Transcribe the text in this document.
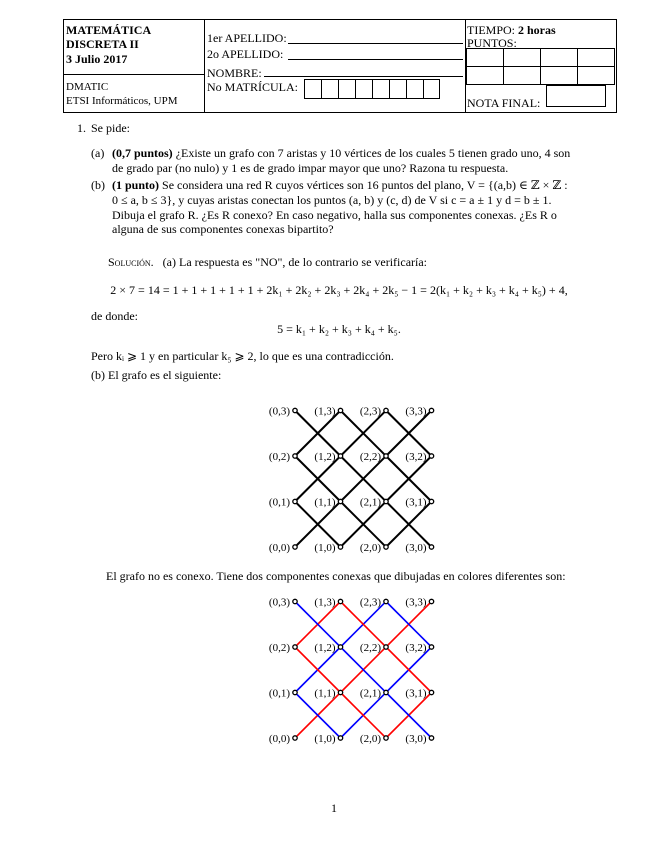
MATEMÁTICA
DISCRETA II
3 Julio 2017
DMATIC
ETSI Informáticos, UPM
1er APELLIDO:
2o APELLIDO:
NOMBRE:
No MATRÍCULA:
TIEMPO: 2 horas
PUNTOS:
NOTA FINAL:
1. Se pide:
(a) (0,7 puntos) ¿Existe un grafo con 7 aristas y 10 vértices de los cuales 5 tienen grado uno, 4 son
de grado par (no nulo) y 1 es de grado impar mayor que uno? Razona tu respuesta.
(b) (1 punto) Se considera una red R cuyos vértices son 16 puntos del plano, V = {(a,b) ∈ ℤ × ℤ :
0 ≤ a, b ≤ 3}, y cuyas aristas conectan los puntos (a, b) y (c, d) de V si c = a ± 1 y d = b ± 1.
Dibuja el grafo R. ¿Es R conexo? En caso negativo, halla sus componentes conexas. ¿Es R o
alguna de sus componentes conexas bipartito?
Solución. (a) La respuesta es "NO", de lo contrario se verificaría:
2 × 7 = 14 = 1 + 1 + 1 + 1 + 1 + 2k₁ + 2k₂ + 2k₃ + 2k₄ + 2k₅ − 1 = 2(k₁ + k₂ + k₃ + k₄ + k₅) + 4,
de donde:
5 = k₁ + k₂ + k₃ + k₄ + k₅.
Pero kᵢ ⩾ 1 y en particular k₅ ⩾ 2, lo que es una contradicción.
(b) El grafo es el siguiente:
(0,0) (1,0) (2,0) (3,0)
(0,1) (1,1) (2,1) (3,1)
(0,2) (1,2) (2,2) (3,2)
(0,3) (1,3) (2,3) (3,3)
El grafo no es conexo. Tiene dos componentes conexas que dibujadas en colores diferentes son:
(0,0) (1,0) (2,0) (3,0)
(0,1) (1,1) (2,1) (3,1)
(0,2) (1,2) (2,2) (3,2)
(0,3) (1,3) (2,3) (3,3)
1
